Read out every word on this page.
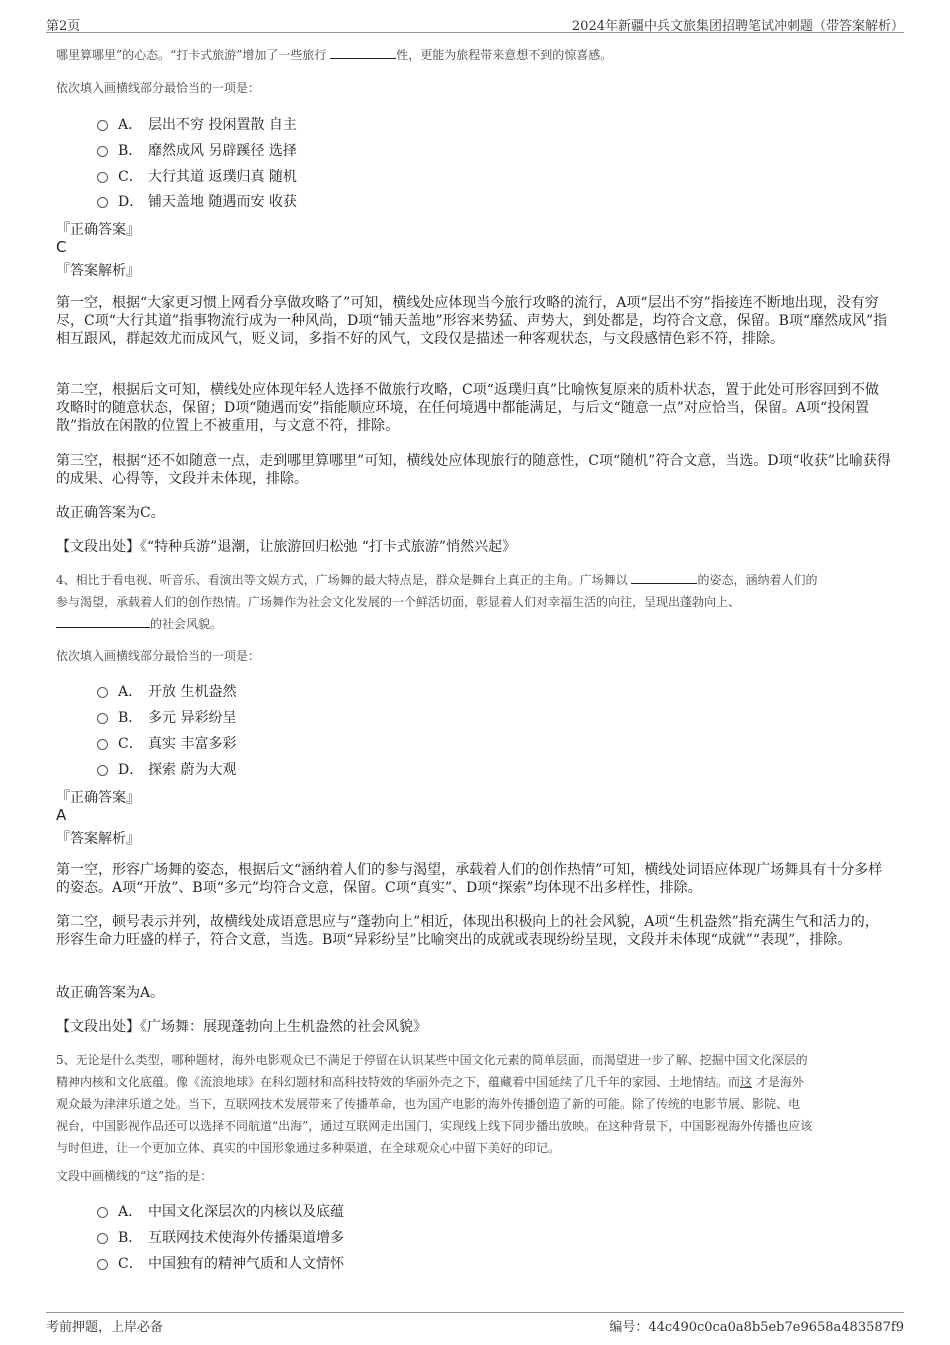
第2页	2024年新疆中兵文旅集团招聘笔试冲刺题（带答案解析）
哪里算哪里”的心态。“打卡式旅游”增加了一些旅行	性，更能为旅程带来意想不到的惊喜感。
依次填入画横线部分最恰当的一项是：
A． 层出不穷 投闲置散 自主
B． 靡然成风 另辟蹊径 选择
C． 大行其道 返璞归真 随机
D． 铺天盖地 随遇而安 收获
『正确答案』
C
『答案解析』
第一空，根据“大家更习惯上网看分享做攻略了”可知，横线处应体现当今旅行攻略的流行，A项“层出不穷”指接连不断地出现，没有穷尽，C项“大行其道”指事物流行成为一种风尚，D项“铺天盖地”形容来势猛、声势大，到处都是，均符合文意，保留。B项“靡然成风”指相互跟风，群起效尤而成风气，贬义词，多指不好的风气，文段仅是描述一种客观状态，与文段感情色彩不符，排除。
第二空，根据后文可知，横线处应体现年轻人选择不做旅行攻略，C项“返璞归真”比喻恢复原来的质朴状态，置于此处可形容回到不做攻略时的随意状态，保留；D项“随遇而安”指能顺应环境，在任何境遇中都能满足，与后文“随意一点”对应恰当，保留。A项“投闲置散”指放在闲散的位置上不被重用，与文意不符，排除。
第三空，根据“还不如随意一点，走到哪里算哪里”可知，横线处应体现旅行的随意性，C项“随机”符合文意，当选。D项“收获”比喻获得的成果、心得等，文段并未体现，排除。
故正确答案为C。
【文段出处】《“特种兵游”退潮，让旅游回归松弛 “打卡式旅游”悄然兴起》
4、相比于看电视、听音乐、看演出等文娱方式，广场舞的最大特点是，群众是舞台上真正的主角。广场舞以	的姿态，涵纳着人们的
参与渴望，承载着人们的创作热情。广场舞作为社会文化发展的一个鲜活切面，彰显着人们对幸福生活的向往，呈现出蓬勃向上、
的社会风貌。
依次填入画横线部分最恰当的一项是：
A． 开放 生机盎然
B． 多元 异彩纷呈
C． 真实 丰富多彩
D． 探索 蔚为大观
『正确答案』
A
『答案解析』
第一空，形容广场舞的姿态，根据后文“涵纳着人们的参与渴望，承载着人们的创作热情”可知，横线处词语应体现广场舞具有十分多样的姿态。A项“开放”、B项“多元”均符合文意，保留。C项“真实”、D项“探索”均体现不出多样性，排除。
第二空，顿号表示并列，故横线处成语意思应与“蓬勃向上”相近，体现出积极向上的社会风貌，A项“生机盎然”指充满生气和活力的，形容生命力旺盛的样子，符合文意，当选。B项“异彩纷呈”比喻突出的成就或表现纷纷呈现，文段并未体现“成就”“表现”，排除。
故正确答案为A。
【文段出处】《广场舞：展现蓬勃向上生机盎然的社会风貌》
5、无论是什么类型，哪种题材，海外电影观众已不满足于停留在认识某些中国文化元素的简单层面，而渴望进一步了解、挖掘中国文化深层的
精神内核和文化底蕴。像《流浪地球》在科幻题材和高科技特效的华丽外壳之下，蕴藏着中国延续了几千年的家园、土地情结。而这 才是海外
观众最为津津乐道之处。当下，互联网技术发展带来了传播革命，也为国产电影的海外传播创造了新的可能。除了传统的电影节展、影院、电
视台，中国影视作品还可以选择不同航道“出海”，通过互联网走出国门，实现线上线下同步播出放映。在这种背景下，中国影视海外传播也应该
与时但进，让一个更加立体、真实的中国形象通过多种渠道，在全球观众心中留下美好的印记。
文段中画横线的“这”指的是：
A． 中国文化深层次的内核以及底蕴
B． 互联网技术使海外传播渠道增多
C． 中国独有的精神气质和人文情怀
考前押题，上岸必备	编号：44c490c0ca0a8b5eb7e9658a483587f9
